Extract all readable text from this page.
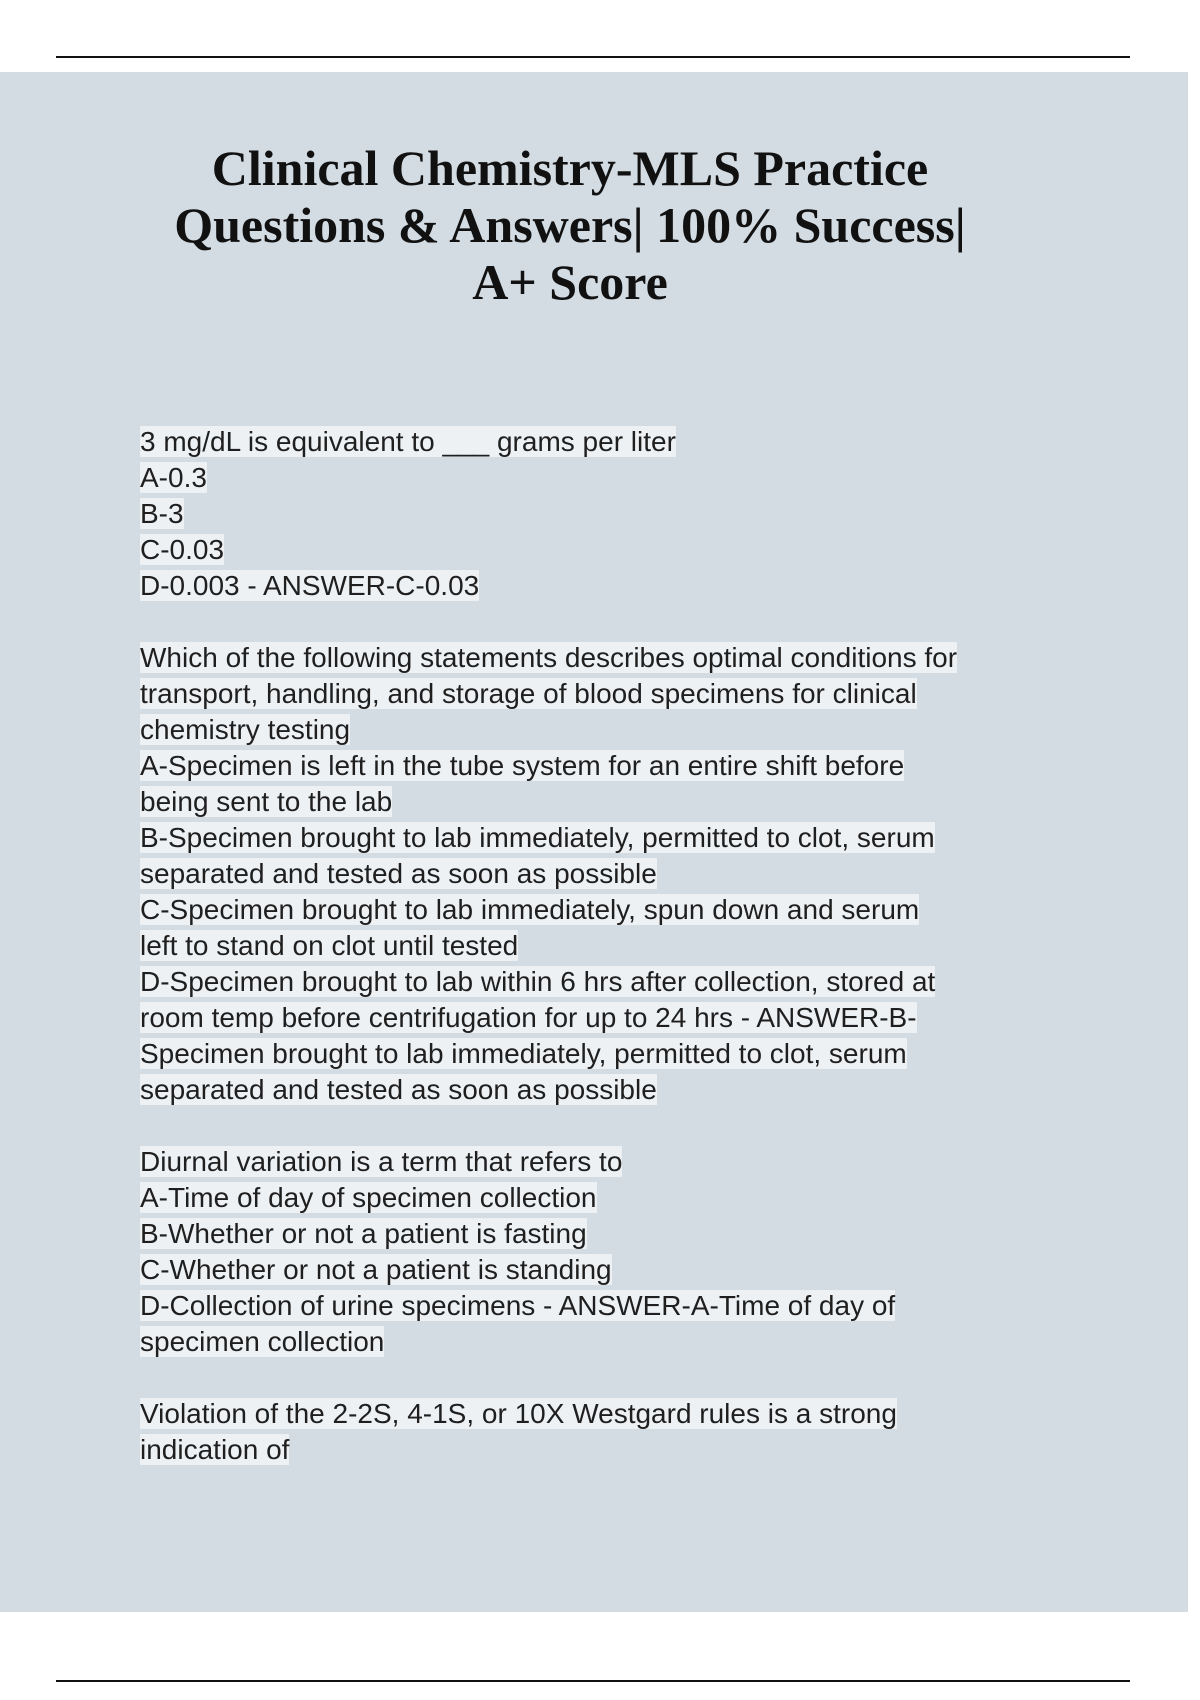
Clinical Chemistry-MLS Practice
Questions & Answers| 100% Success|
A+ Score
3 mg/dL is equivalent to ___ grams per liter
A-0.3
B-3
C-0.03
D-0.003 - ANSWER-C-0.03
Which of the following statements describes optimal conditions for
transport, handling, and storage of blood specimens for clinical
chemistry testing
A-Specimen is left in the tube system for an entire shift before
being sent to the lab
B-Specimen brought to lab immediately, permitted to clot, serum
separated and tested as soon as possible
C-Specimen brought to lab immediately, spun down and serum
left to stand on clot until tested
D-Specimen brought to lab within 6 hrs after collection, stored at
room temp before centrifugation for up to 24 hrs - ANSWER-B-
Specimen brought to lab immediately, permitted to clot, serum
separated and tested as soon as possible
Diurnal variation is a term that refers to
A-Time of day of specimen collection
B-Whether or not a patient is fasting
C-Whether or not a patient is standing
D-Collection of urine specimens - ANSWER-A-Time of day of
specimen collection
Violation of the 2-2S, 4-1S, or 10X Westgard rules is a strong
indication of
